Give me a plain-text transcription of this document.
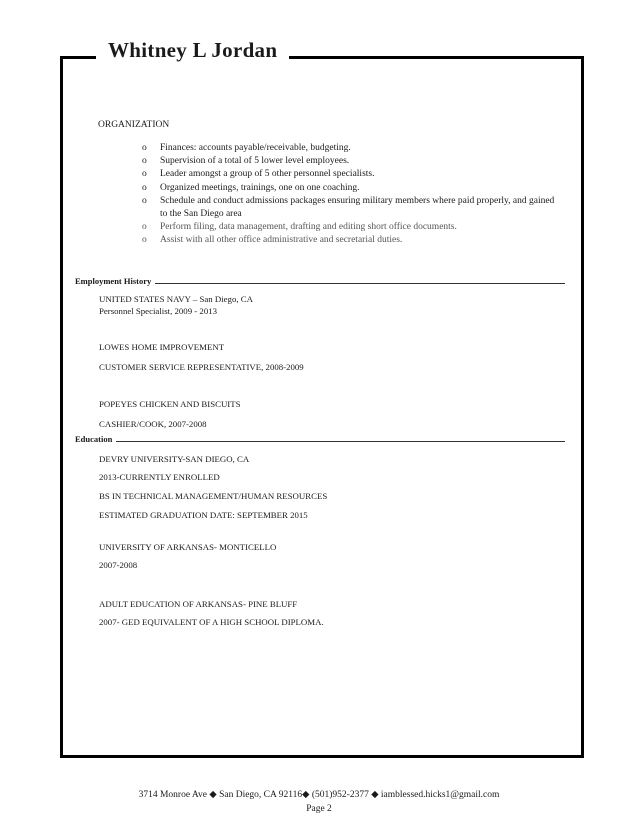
Whitney L Jordan
ORGANIZATION
o Finances: accounts payable/receivable, budgeting.
o Supervision of a total of 5 lower level employees.
o Leader amongst a group of 5 other personnel specialists.
o Organized meetings, trainings, one on one coaching.
o Schedule and conduct admissions packages ensuring military members where paid properly, and gained to the San Diego area
o Perform filing, data management, drafting and editing short office documents.
o Assist with all other office administrative and secretarial duties.
Employment History
UNITED STATES NAVY – San Diego, CA
Personnel Specialist, 2009 - 2013
LOWES HOME IMPROVEMENT
CUSTOMER SERVICE REPRESENTATIVE, 2008-2009
POPEYES CHICKEN AND BISCUITS
CASHIER/COOK, 2007-2008
Education
DEVRY UNIVERSITY-SAN DIEGO, CA
2013-CURRENTLY ENROLLED
BS IN TECHNICAL MANAGEMENT/HUMAN RESOURCES
ESTIMATED GRADUATION DATE: SEPTEMBER 2015
UNIVERSITY OF ARKANSAS- MONTICELLO
2007-2008
ADULT EDUCATION OF ARKANSAS- PINE BLUFF
2007- GED EQUIVALENT OF A HIGH SCHOOL DIPLOMA.
3714 Monroe Ave ◆ San Diego, CA 92116◆ (501)952-2377 ◆ iamblessed.hicks1@gmail.com
Page 2
